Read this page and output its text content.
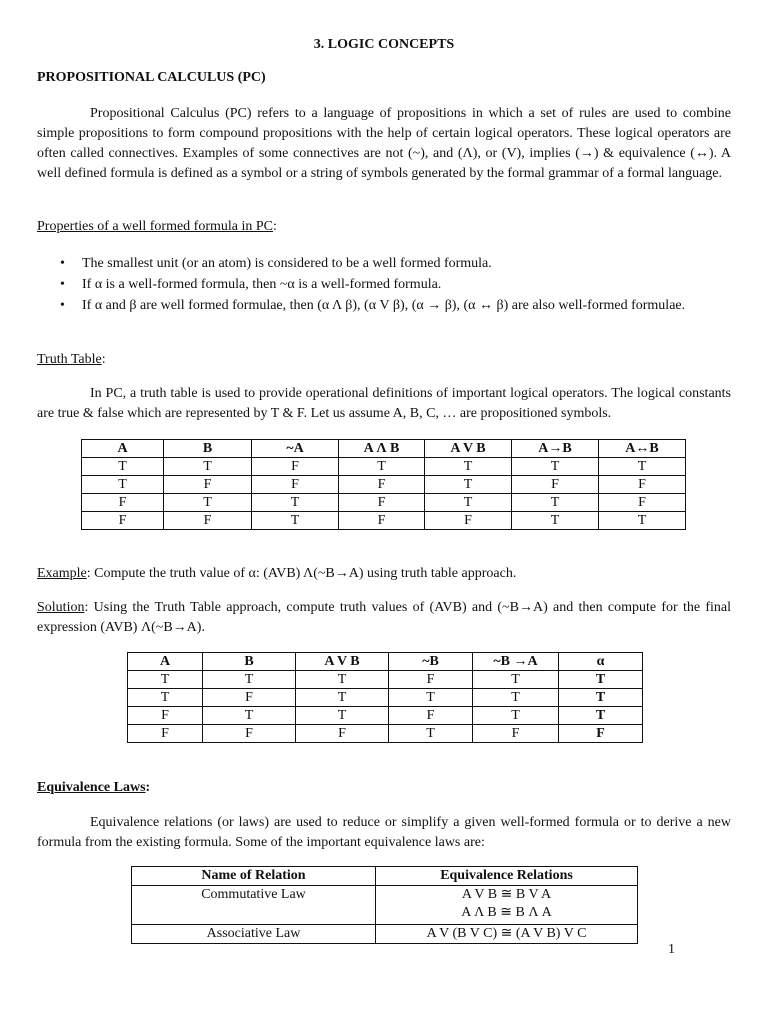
3. LOGIC CONCEPTS
PROPOSITIONAL CALCULUS (PC)
Propositional Calculus (PC) refers to a language of propositions in which a set of rules are used to combine simple propositions to form compound propositions with the help of certain logical operators. These logical operators are often called connectives. Examples of some connectives are not (~), and (Λ), or (V), implies (→) & equivalence (↔). A well defined formula is defined as a symbol or a string of symbols generated by the formal grammar of a formal language.
Properties of a well formed formula in PC:
• The smallest unit (or an atom) is considered to be a well formed formula.
• If α is a well-formed formula, then ~α is a well-formed formula.
• If α and β are well formed formulae, then (α Λ β), (α V β), (α → β), (α ↔ β) are also well-formed formulae.
Truth Table:
In PC, a truth table is used to provide operational definitions of important logical operators. The logical constants are true & false which are represented by T & F. Let us assume A, B, C, … are propositioned symbols.
A	B	~A	A Λ B	A V B	A→B	A↔B
T	T	F	T	T	T	T
T	F	F	F	T	F	F
F	T	T	F	T	T	F
F	F	T	F	F	T	T
Example: Compute the truth value of α: (AVB) Λ(~B→A) using truth table approach.
Solution: Using the Truth Table approach, compute truth values of (AVB) and (~B→A) and then compute for the final expression (AVB) Λ(~B→A).
A	B	A V B	~B	~B →A	α
T	T	T	F	T	T
T	F	T	T	T	T
F	T	T	F	T	T
F	F	F	T	F	F
Equivalence Laws:
Equivalence relations (or laws) are used to reduce or simplify a given well-formed formula or to derive a new formula from the existing formula. Some of the important equivalence laws are:
Name of Relation	Equivalence Relations
Commutative Law	A V B ≅ B V A
A Λ B ≅ B Λ A

Associative Law	A V (B V C) ≅ (A V B) V C
1
